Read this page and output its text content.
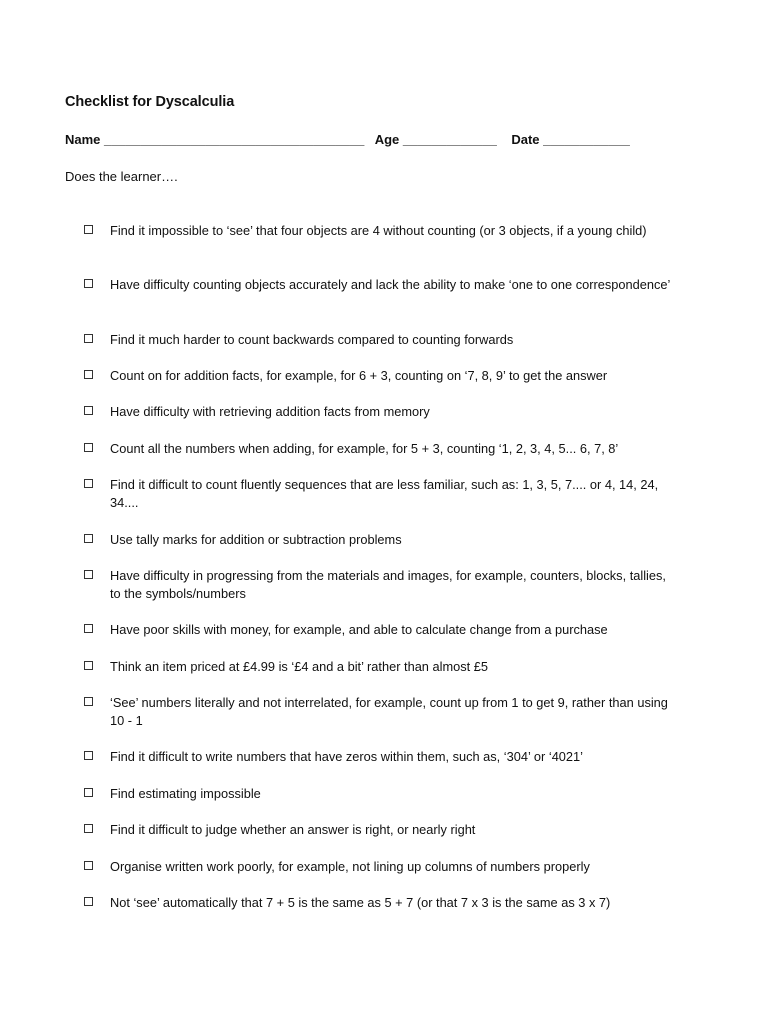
Checklist for Dyscalculia
Name ____________________________________ Age _____________ Date ____________
Does the learner….
Find it impossible to ‘see’ that four objects are 4 without counting (or 3 objects, if a young child)
Have difficulty counting objects accurately and lack the ability to make ‘one to one correspondence’
Find it much harder to count backwards compared to counting forwards
Count on for addition facts, for example, for 6 + 3, counting on ‘7, 8, 9’ to get the answer
Have difficulty with retrieving addition facts from memory
Count all the numbers when adding, for example, for 5 + 3, counting ‘1, 2, 3, 4, 5... 6, 7, 8’
Find it difficult to count fluently sequences that are less familiar, such as: 1, 3, 5, 7.... or 4, 14, 24, 34....
Use tally marks for addition or subtraction problems
Have difficulty in progressing from the materials and images, for example, counters, blocks, tallies, to the symbols/numbers
Have poor skills with money, for example, and able to calculate change from a purchase
Think an item priced at £4.99 is ‘£4 and a bit’ rather than almost £5
‘See’ numbers literally and not interrelated, for example, count up from 1 to get 9, rather than using 10 - 1
Find it difficult to write numbers that have zeros within them, such as, ‘304’ or ‘4021’
Find estimating impossible
Find it difficult to judge whether an answer is right, or nearly right
Organise written work poorly, for example, not lining up columns of numbers properly
Not ‘see’ automatically that 7 + 5 is the same as 5 + 7 (or that 7 x 3 is the same as 3 x 7)
